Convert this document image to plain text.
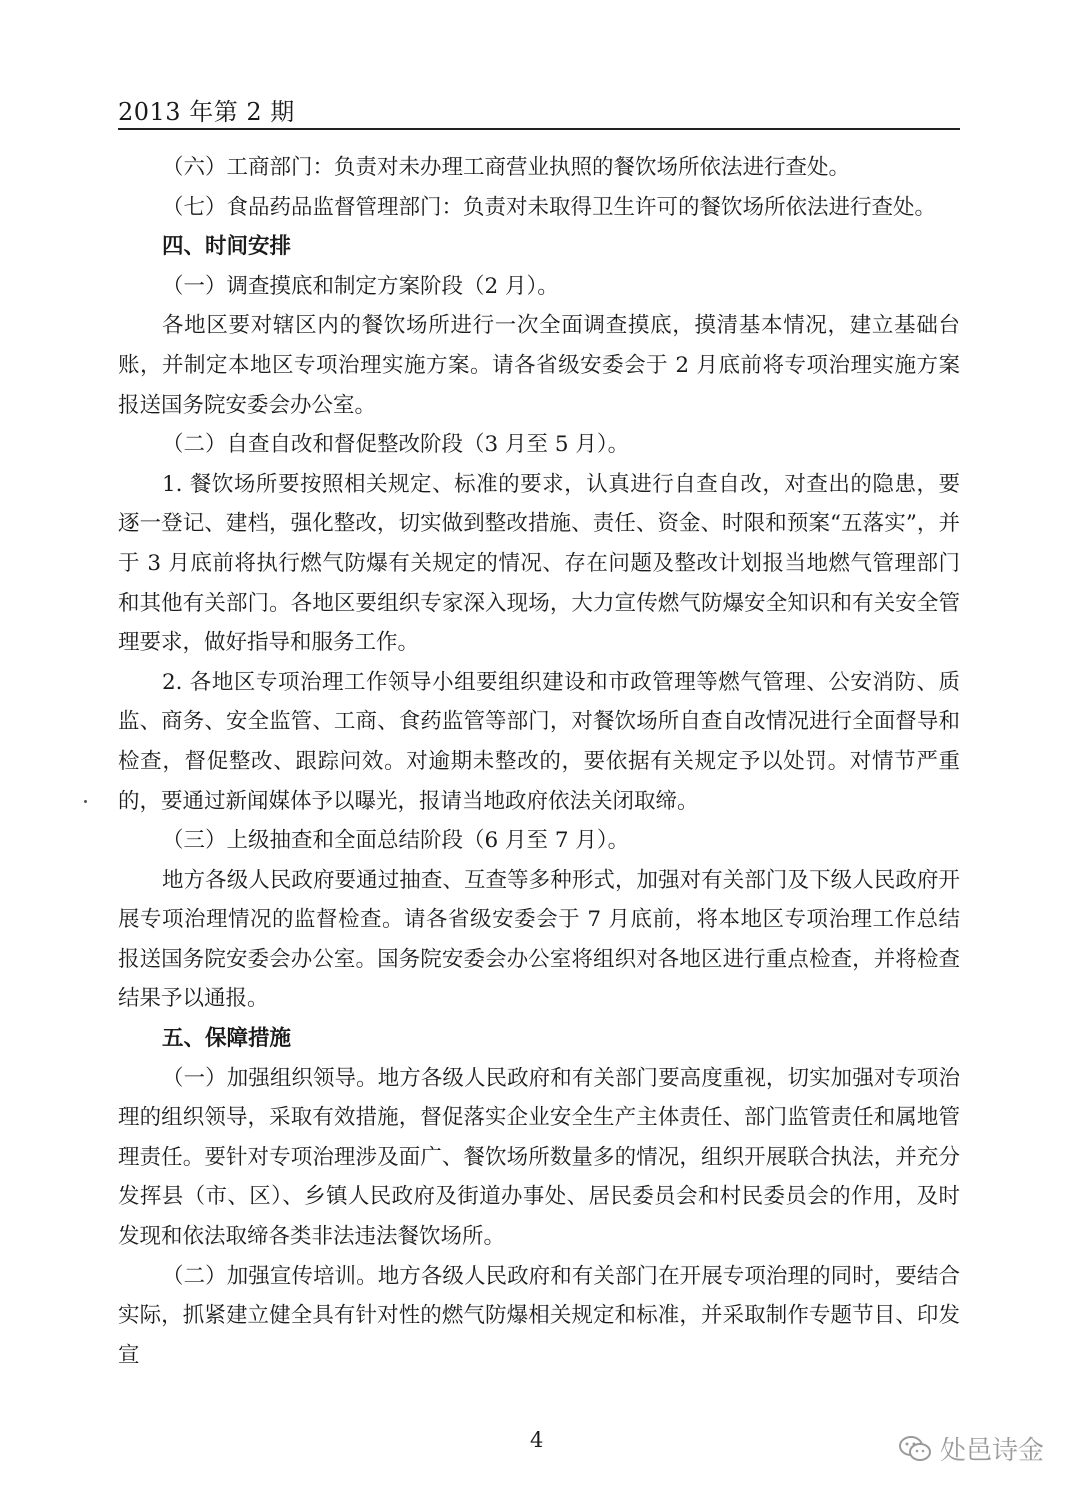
2013 年第 2 期

（六）工商部门：负责对未办理工商营业执照的餐饮场所依法进行查处。

（七）食品药品监督管理部门：负责对未取得卫生许可的餐饮场所依法进行查处。

四、时间安排

（一）调查摸底和制定方案阶段（2 月）。

各地区要对辖区内的餐饮场所进行一次全面调查摸底，摸清基本情况，建立基础台账，并制定本地区专项治理实施方案。请各省级安委会于 2 月底前将专项治理实施方案报送国务院安委会办公室。

（二）自查自改和督促整改阶段（3 月至 5 月）。

1. 餐饮场所要按照相关规定、标准的要求，认真进行自查自改，对查出的隐患，要逐一登记、建档，强化整改，切实做到整改措施、责任、资金、时限和预案“五落实”，并于 3 月底前将执行燃气防爆有关规定的情况、存在问题及整改计划报当地燃气管理部门和其他有关部门。各地区要组织专家深入现场，大力宣传燃气防爆安全知识和有关安全管理要求，做好指导和服务工作。

2. 各地区专项治理工作领导小组要组织建设和市政管理等燃气管理、公安消防、质监、商务、安全监管、工商、食药监管等部门，对餐饮场所自查自改情况进行全面督导和检查，督促整改、跟踪问效。对逾期未整改的，要依据有关规定予以处罚。对情节严重的，要通过新闻媒体予以曝光，报请当地政府依法关闭取缔。

（三）上级抽查和全面总结阶段（6 月至 7 月）。

地方各级人民政府要通过抽查、互查等多种形式，加强对有关部门及下级人民政府开展专项治理情况的监督检查。请各省级安委会于 7 月底前，将本地区专项治理工作总结报送国务院安委会办公室。国务院安委会办公室将组织对各地区进行重点检查，并将检查结果予以通报。

五、保障措施

（一）加强组织领导。地方各级人民政府和有关部门要高度重视，切实加强对专项治理的组织领导，采取有效措施，督促落实企业安全生产主体责任、部门监管责任和属地管理责任。要针对专项治理涉及面广、餐饮场所数量多的情况，组织开展联合执法，并充分发挥县（市、区）、乡镇人民政府及街道办事处、居民委员会和村民委员会的作用，及时发现和依法取缔各类非法违法餐饮场所。

（二）加强宣传培训。地方各级人民政府和有关部门在开展专项治理的同时，要结合实际，抓紧建立健全具有针对性的燃气防爆相关规定和标准，并采取制作专题节目、印发宣

4	处邑诗金
